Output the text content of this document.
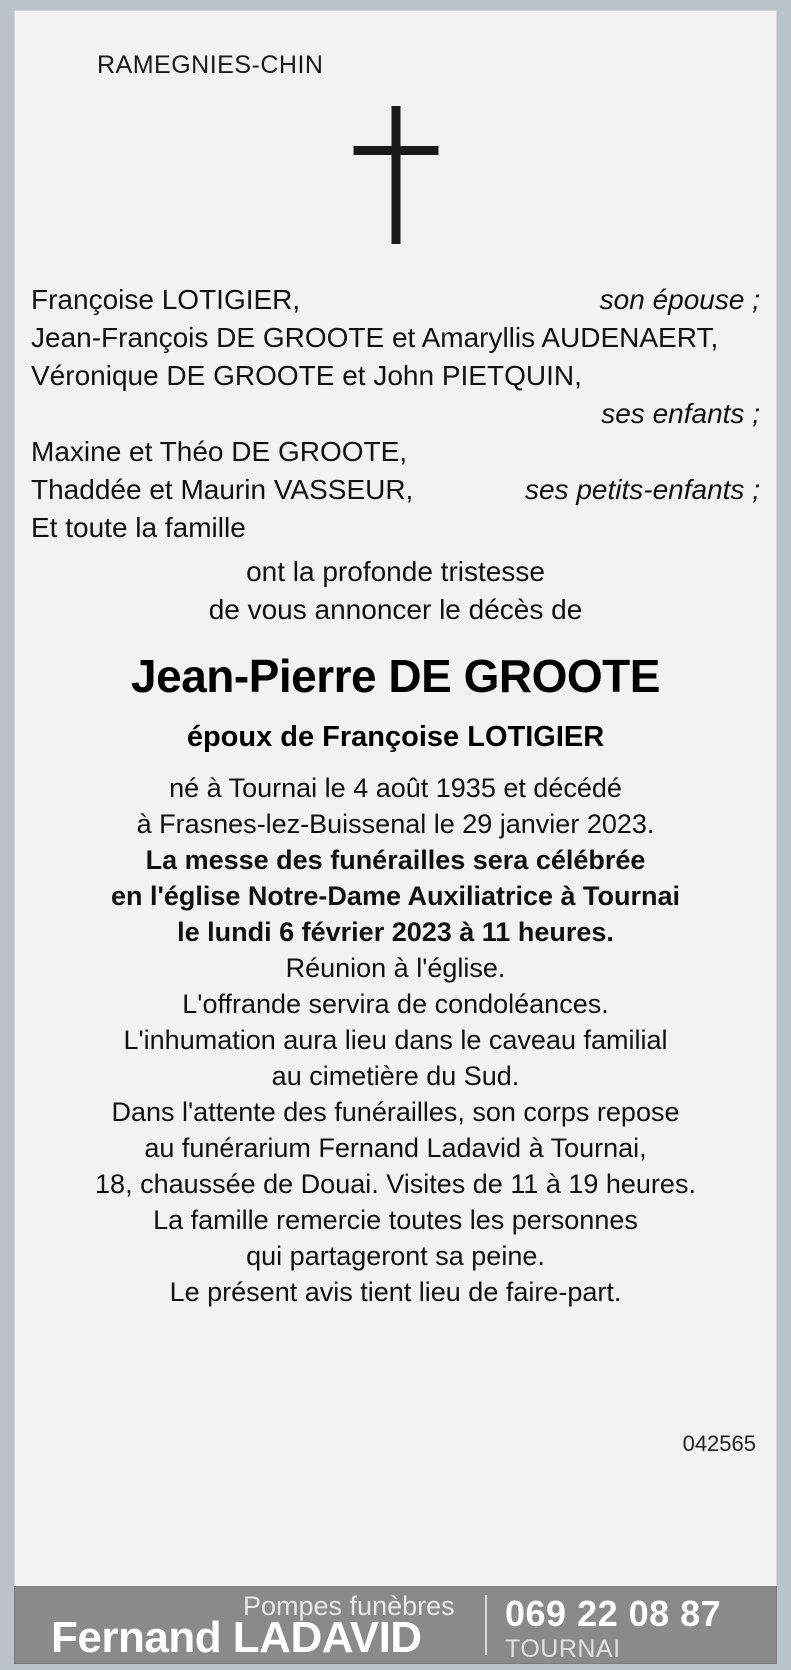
RAMEGNIES-CHIN
Françoise LOTIGIER,	son épouse ;
Jean-François DE GROOTE et Amaryllis AUDENAERT,
Véronique DE GROOTE et John PIETQUIN,
ses enfants ;
Maxine et Théo DE GROOTE,
Thaddée et Maurin VASSEUR,	ses petits-enfants ;
Et toute la famille
ont la profonde tristesse
de vous annoncer le décès de
Jean-Pierre DE GROOTE
époux de Françoise LOTIGIER
né à Tournai le 4 août 1935 et décédé
à Frasnes-lez-Buissenal le 29 janvier 2023.
La messe des funérailles sera célébrée
en l'église Notre-Dame Auxiliatrice à Tournai
le lundi 6 février 2023 à 11 heures.
Réunion à l'église.
L'offrande servira de condoléances.
L'inhumation aura lieu dans le caveau familial
au cimetière du Sud.
Dans l'attente des funérailles, son corps repose
au funérarium Fernand Ladavid à Tournai,
18, chaussée de Douai. Visites de 11 à 19 heures.
La famille remercie toutes les personnes
qui partageront sa peine.
Le présent avis tient lieu de faire-part.
042565
Pompes funèbres
Fernand LADAVID 069 22 08 87
TOURNAI
